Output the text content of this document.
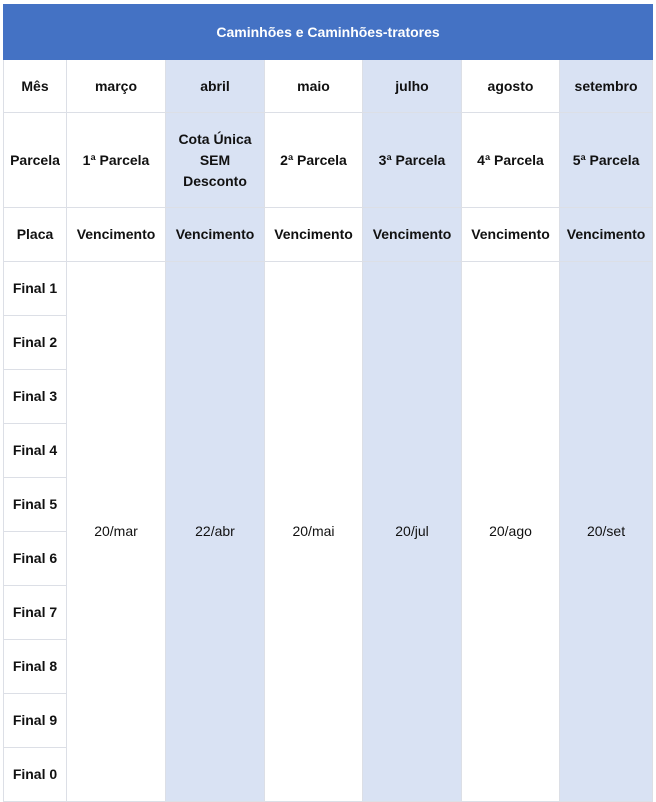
Caminhões e Caminhões-tratores						
Mês	março	abril	maio	julho	agosto	setembro
Parcela	1ª Parcela	Cota Única SEM Desconto	2ª Parcela	3ª Parcela	4ª Parcela	5ª Parcela
Placa	Vencimento	Vencimento	Vencimento	Vencimento	Vencimento	Vencimento
Final 1	20/mar	22/abr	20/mai	20/jul	20/ago	20/set
Final 2						
Final 3						
Final 4						
Final 5						
Final 6						
Final 7						
Final 8						
Final 9						
Final 0						
